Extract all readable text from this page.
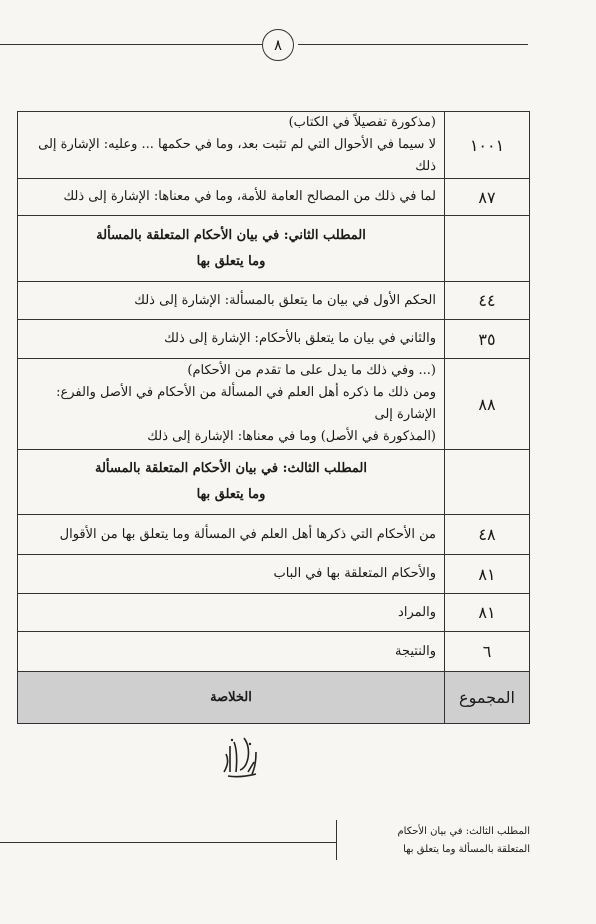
٨
١٠٠١	(مذكورة تفصيلاً في الكتاب)
لا سيما في الأحوال التي لم تثبت بعد، وما في حكمها ... وعليه: الإشارة إلى ذلك

٨٧	لما في ذلك من المصالح العامة للأمة، وما في معناها: الإشارة إلى ذلك

	المطلب الثاني: في بيان الأحكام المتعلقة بالمسألة
وما يتعلق بها

٤٤	الحكم الأول في بيان ما يتعلق بالمسألة: الإشارة إلى ذلك

٣٥	والثاني في بيان ما يتعلق بالأحكام: الإشارة إلى ذلك

٨٨	(... وفي ذلك ما يدل على ما تقدم من الأحكام)
ومن ذلك ما ذكره أهل العلم في المسألة من الأحكام في الأصل والفرع: الإشارة إلى
(المذكورة في الأصل) وما في معناها: الإشارة إلى ذلك

	المطلب الثالث: في بيان الأحكام المتعلقة بالمسألة
وما يتعلق بها

٤٨	من الأحكام التي ذكرها أهل العلم في المسألة وما يتعلق بها من الأقوال

٨١	والأحكام المتعلقة بها في الباب

٨١	والمراد

٦	والنتيجة

المجموع	الخلاصة
المطلب الثالث: في بيان الأحكام
المتعلقة بالمسألة وما يتعلق بها
